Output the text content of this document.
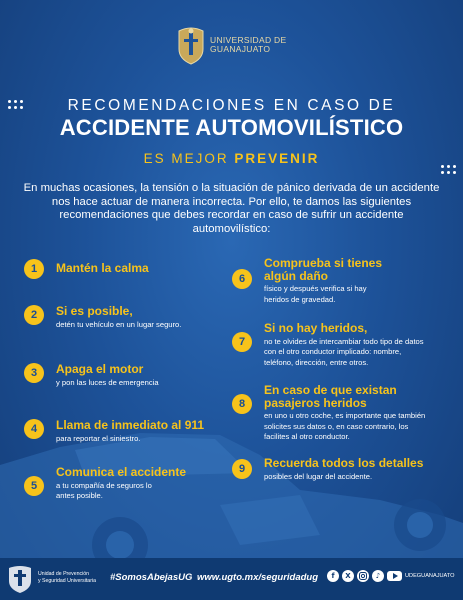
UNIVERSIDAD DE
GUANAJUATO
RECOMENDACIONES EN CASO DE
ACCIDENTE AUTOMOVILÍSTICO
ES MEJOR PREVENIR
En muchas ocasiones, la tensión o la situación de pánico derivada de un accidente nos hace actuar de manera incorrecta. Por ello, te damos las siguientes recomendaciones que debes recordar en caso de sufrir un accidente automovilístico:
1	Mantén la calma
2	Si es posible,
detén tu vehículo en un lugar seguro.
3	Apaga el motor
y pon las luces de emergencia
4	Llama de inmediato al 911
para reportar el siniestro.
5
Comunica el accidente
a tu compañía de seguros lo antes posible.
6
Comprueba si tienes algún daño
físico y después verifica si hay heridos de gravedad.
7
Si no hay heridos,
no te olvides de intercambiar todo tipo de datos con el otro conductor implicado: nombre, teléfono, dirección, entre otros.
8
En caso de que existan pasajeros heridos
en uno u otro coche, es importante que también solicites sus datos o, en caso contrario, los facilites al otro conductor.
9	Recuerda todos los detalles
posibles del lugar del accidente.
Unidad de Prevención
y Seguridad Universitaria #SomosAbejasUG www.ugto.mx/seguridadug	f	X	♪	UDEGUANAJUATO
